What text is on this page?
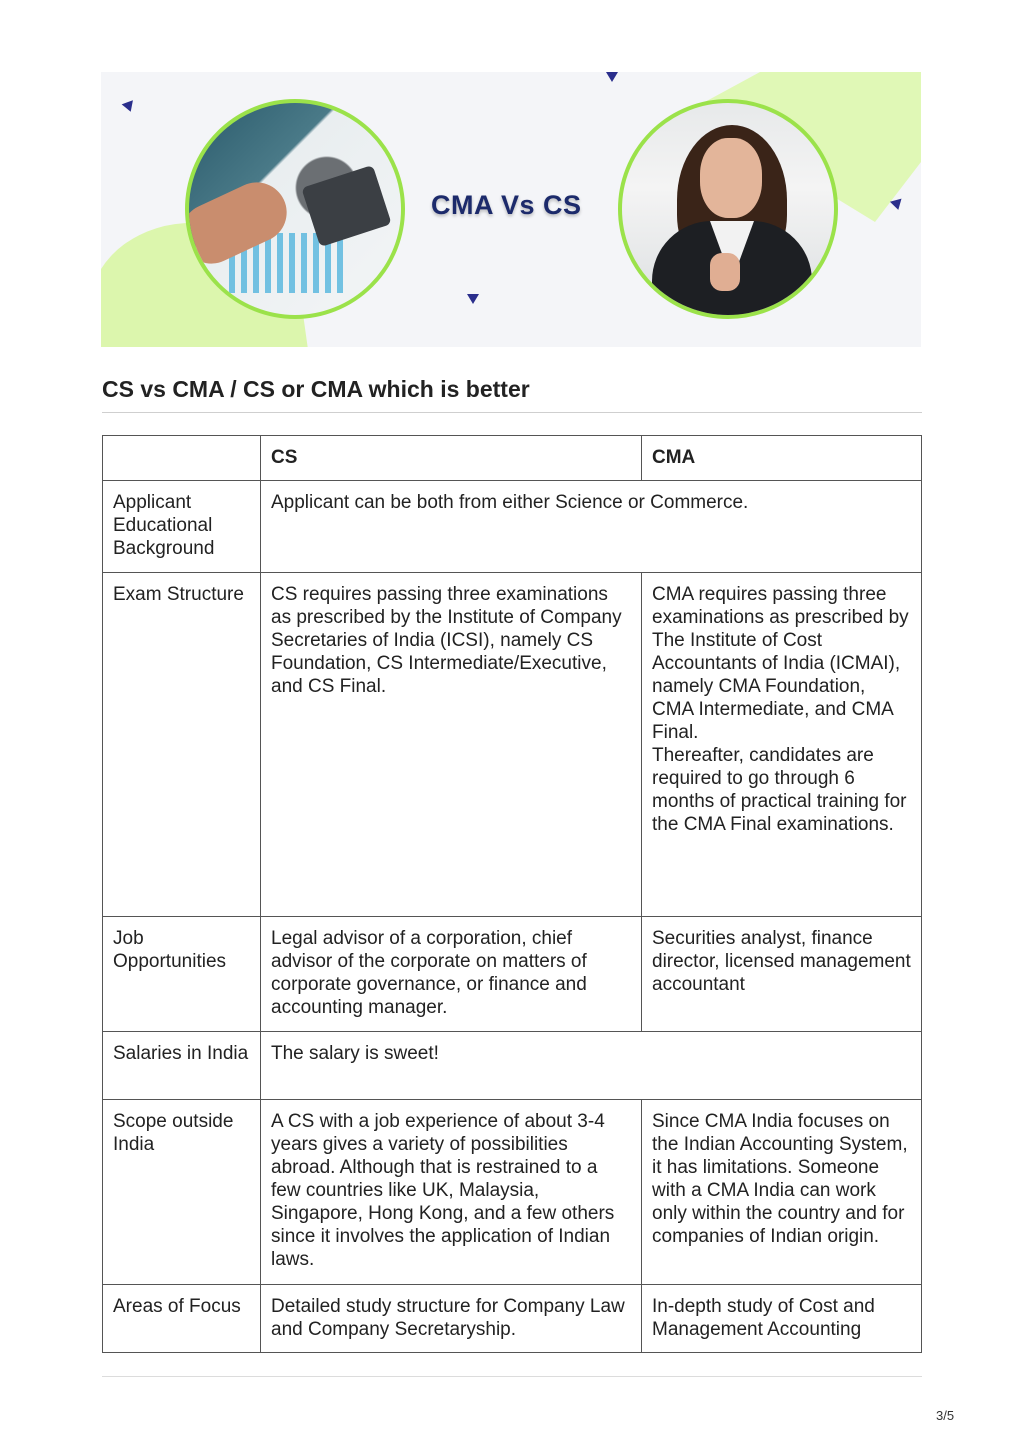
CMA Vs CS
CS vs CMA / CS or CMA which is better
	CS	CMA
Applicant Educational Background	Applicant can be both from either Science or Commerce.	
Exam Structure	CS requires passing three examinations as prescribed by the Institute of Company Secretaries of India (ICSI), namely CS Foundation, CS Intermediate/Executive, and CS Final.	CMA requires passing three examinations as prescribed by The Institute of Cost Accountants of India (ICMAI), namely CMA Foundation, CMA Intermediate, and CMA Final.
Thereafter, candidates are required to go through 6 months of practical training for the CMA Final examinations.

Job Opportunities	Legal advisor of a corporation, chief advisor of the corporate on matters of corporate governance, or finance and accounting manager.	Securities analyst, finance director, licensed management accountant
Salaries in India	The salary is sweet!	
Scope outside India	A CS with a job experience of about 3-4 years gives a variety of possibilities abroad. Although that is restrained to a few countries like UK, Malaysia, Singapore, Hong Kong, and a few others since it involves the application of Indian laws.	Since CMA India focuses on the Indian Accounting System, it has limitations. Someone with a CMA India can work only within the country and for companies of Indian origin.
Areas of Focus	Detailed study structure for Company Law and Company Secretaryship.	In-depth study of Cost and Management Accounting
3/5
